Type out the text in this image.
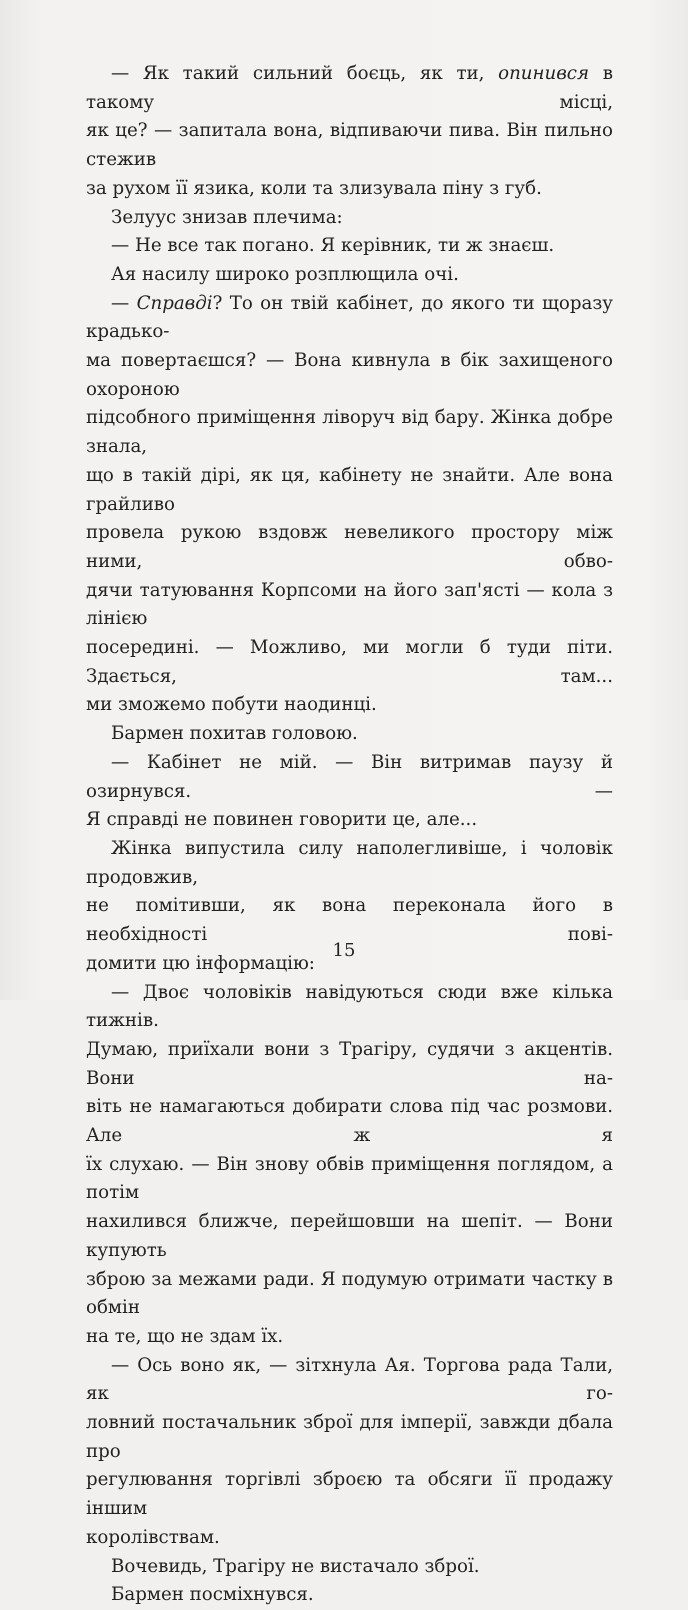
— Як такий сильний боєць, як ти, опинився в такому місці,
як це? — запитала вона, відпиваючи пива. Він пильно стежив
за рухом її язика, коли та злизувала піну з губ.
Зелуус знизав плечима:
— Не все так погано. Я керівник, ти ж знаєш.
Ая насилу широко розплющила очі.
— Справді? То он твій кабінет, до якого ти щоразу крадько-
ма повертаєшся? — Вона кивнула в бік захищеного охороною
підсобного приміщення ліворуч від бару. Жінка добре знала,
що в такій дірі, як ця, кабінету не знайти. Але вона грайливо
провела рукою вздовж невеликого простору між ними, обво-
дячи татуювання Корпсоми на його зап'ясті — кола з лінією
посередині. — Можливо, ми могли б туди піти. Здається, там...
ми зможемо побути наодинці.
Бармен похитав головою.
— Кабінет не мій. — Він витримав паузу й озирнувся. —
Я справді не повинен говорити це, але...
Жінка випустила силу наполегливіше, і чоловік продовжив,
не помітивши, як вона переконала його в необхідності пові-
домити цю інформацію:
— Двоє чоловіків навідуються сюди вже кілька тижнів.
Думаю, приїхали вони з Трагіру, судячи з акцентів. Вони на-
віть не намагаються добирати слова під час розмови. Але ж я
їх слухаю. — Він знову обвів приміщення поглядом, а потім
нахилився ближче, перейшовши на шепіт. — Вони купують
зброю за межами ради. Я подумую отримати частку в обмін
на те, що не здам їх.
— Ось воно як, — зітхнула Ая. Торгова рада Тали, як го-
ловний постачальник зброї для імперії, завжди дбала про
регулювання торгівлі зброєю та обсяги її продажу іншим
королівствам.
Вочевидь, Трагіру не вистачало зброї.
Бармен посміхнувся.
15
